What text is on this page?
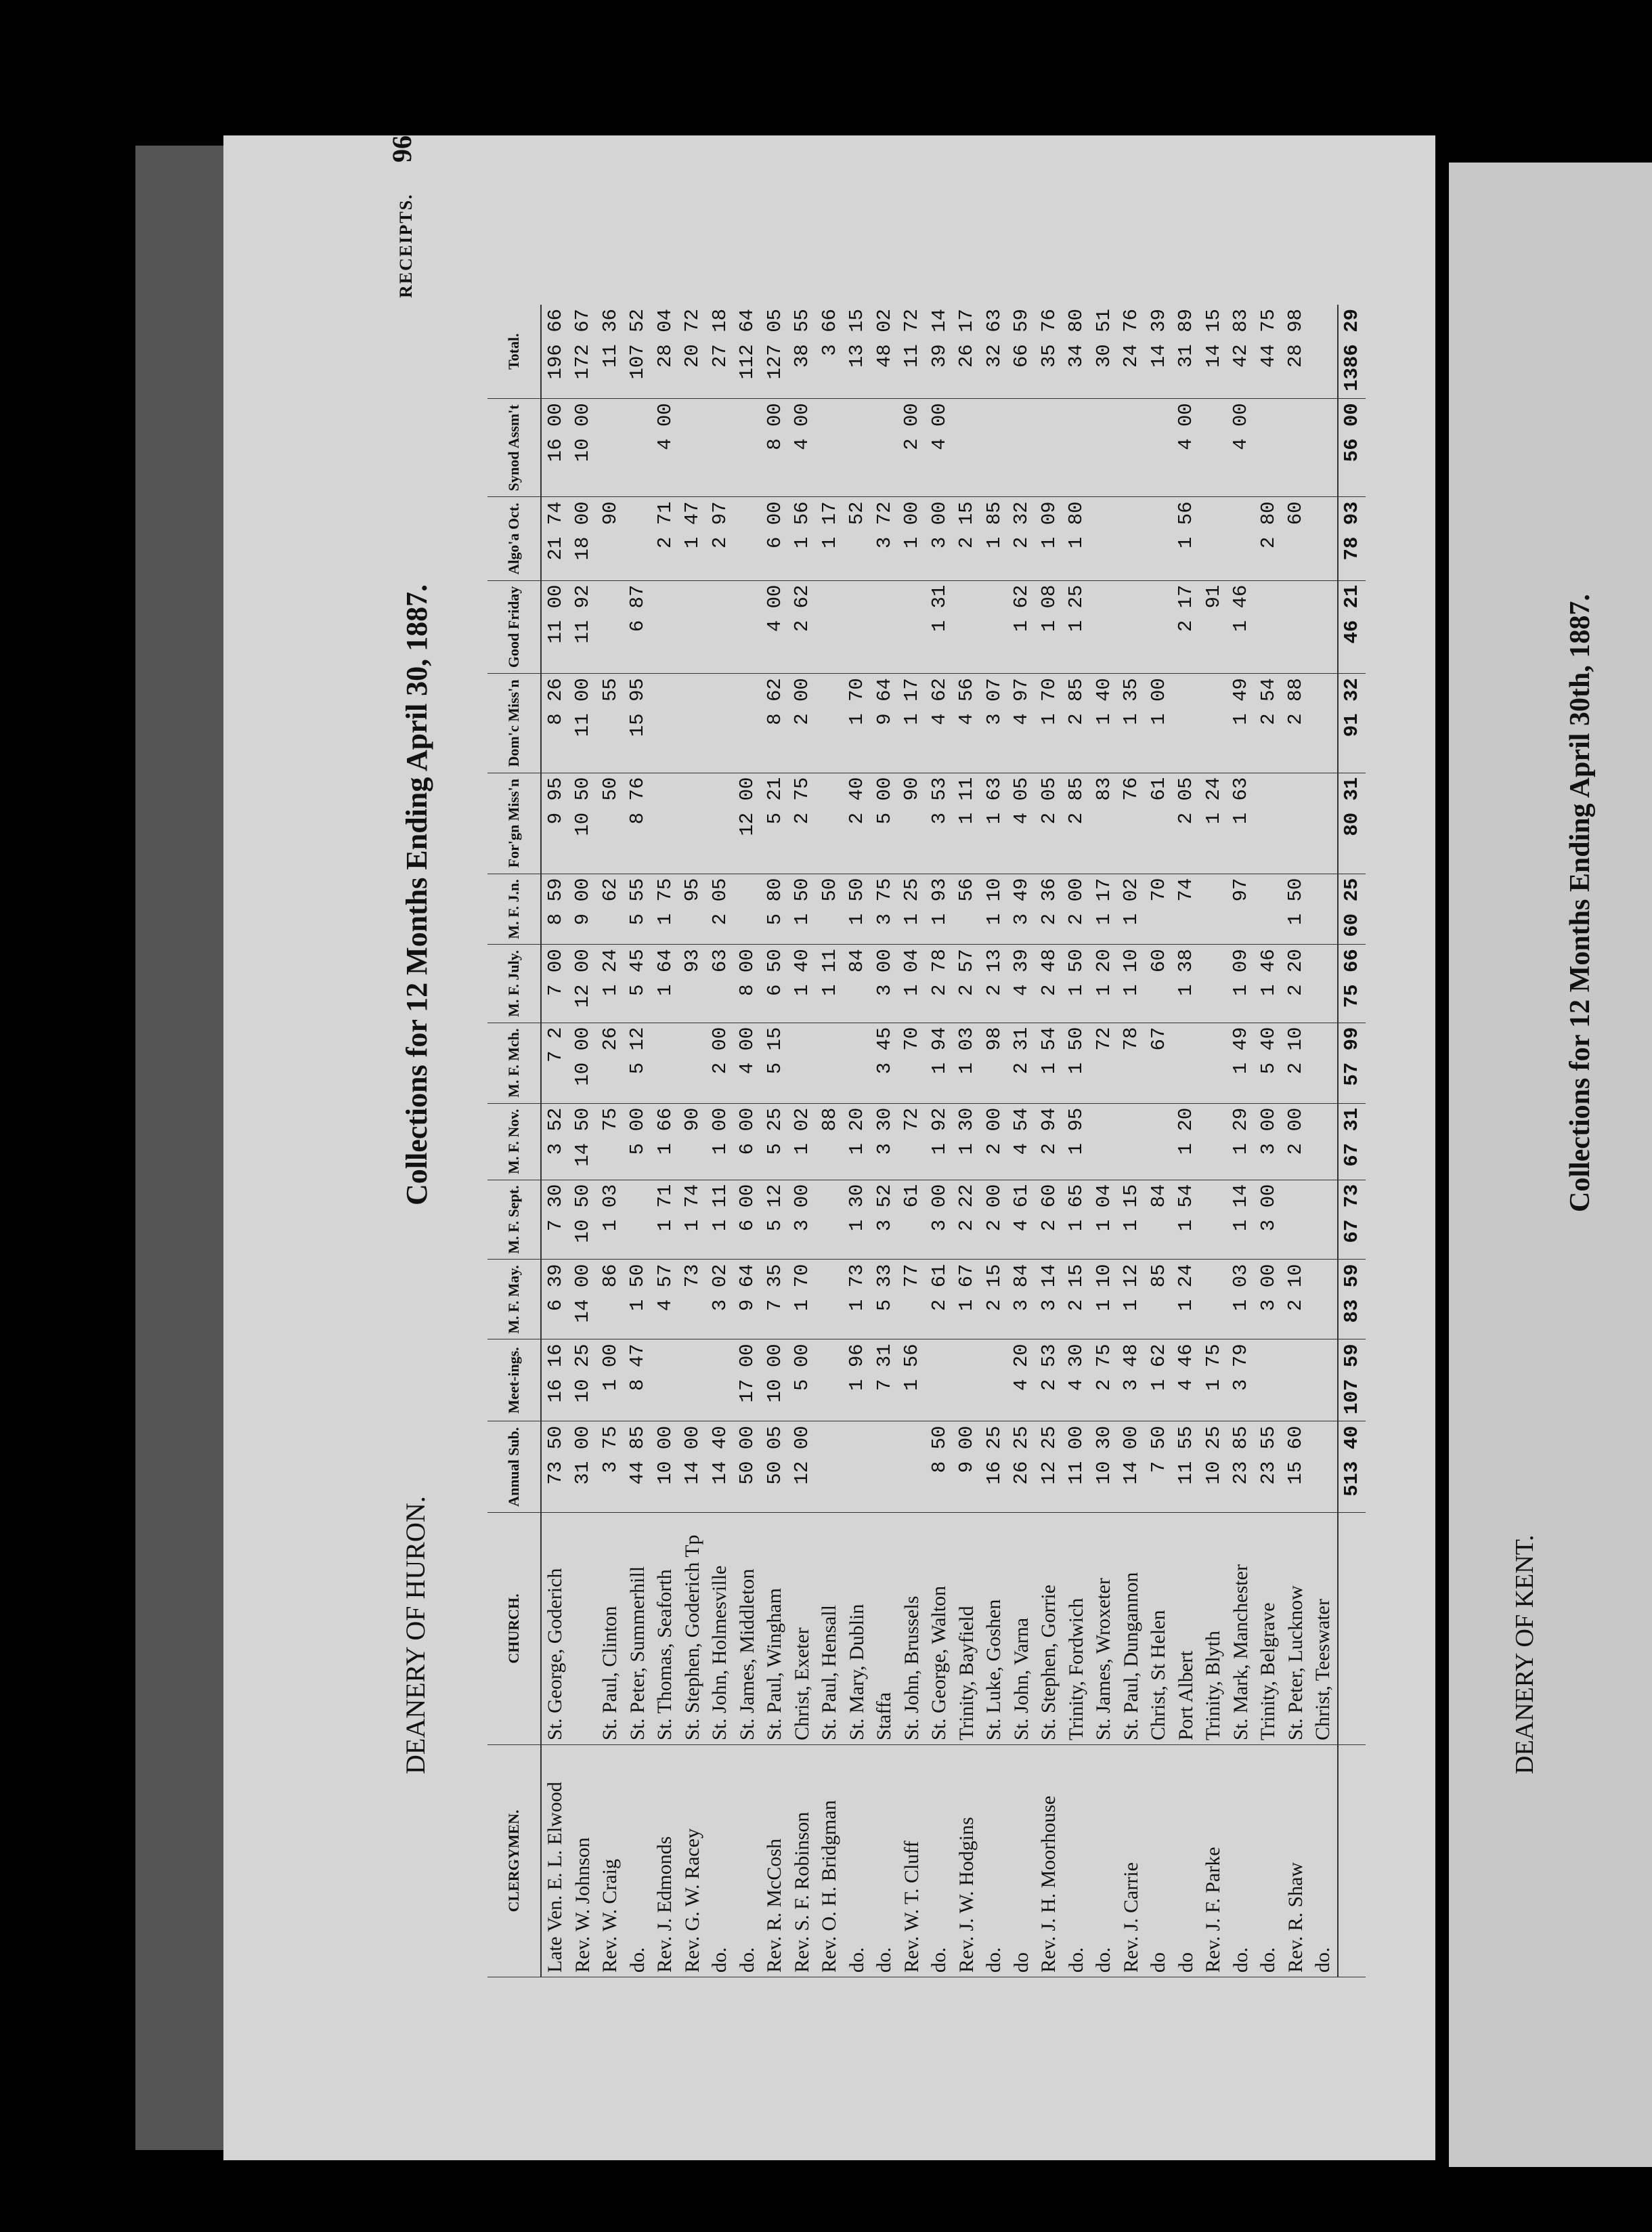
96
RECEIPTS.
DEANERY OF HURON.
Collections for 12 Months Ending April 30, 1887.
CLERGYMEN.	CHURCH.	Annual Sub.	Meet-ings.	M. F. May.	M. F. Sept.	M. F. Nov.	M. F. Mch.	M. F. July.	M. F. J.n.	For'gn Miss'n	Dom'c Miss'n	Good Friday	Algo'a Oct.	Synod Assm't	Total.
Late Ven. E. L. Elwood	St. George, Goderich	73 50	16 16	6 39	7 30	3 52	7 2	7 00	8 59	9 95	8 26	11 00	21 74	16 00	196 66
Rev. W. Johnson		31 00	10 25	14 00	10 50	14 50	10 00	12 00	9 00	10 50	11 00	11 92	18 00	10 00	172 67
Rev. W. Craig	St. Paul, Clinton	3 75	1 00	86	1 03	75	26	1 24	62	50	55		90		11 36
do.	St. Peter, Summerhill	44 85	8 47	1 50		5 00	5 12	5 45	5 55	8 76	15 95	6 87			107 52
Rev. J. Edmonds	St. Thomas, Seaforth	10 00		4 57	1 71	1 66		1 64	1 75				2 71	4 00	28 04
Rev. G. W. Racey	St. Stephen, Goderich Tp	14 00		73	1 74	90		93	95				1 47		20 72
do.	St. John, Holmesville	14 40		3 02	1 11	1 00	2 00	63	2 05				2 97		27 18
do.	St. James, Middleton	50 00	17 00	9 64	6 00	6 00	4 00	8 00		12 00					112 64
Rev. R. McCosh	St. Paul, Wingham	50 05	10 00	7 35	5 12	5 25	5 15	6 50	5 80	5 21	8 62	4 00	6 00	8 00	127 05
Rev. S. F. Robinson	Christ, Exeter	12 00	5 00	1 70	3 00	1 02		1 40	1 50	2 75	2 00	2 62	1 56	4 00	38 55
Rev. O. H. Bridgman	St. Paul, Hensall					88		1 11	50				1 17		3 66
do.	St. Mary, Dublin		1 96	1 73	1 30	1 20		84	1 50	2 40	1 70		52		13 15
do.	Staffa		7 31	5 33	3 52	3 30	3 45	3 00	3 75	5 00	9 64		3 72		48 02
Rev. W. T. Cluff	St. John, Brussels		1 56	77	61	72	70	1 04	1 25	90	1 17		1 00	2 00	11 72
do.	St. George, Walton	8 50		2 61	3 00	1 92	1 94	2 78	1 93	3 53	4 62	1 31	3 00	4 00	39 14
Rev. J. W. Hodgins	Trinity, Bayfield	9 00		1 67	2 22	1 30	1 03	2 57	56	1 11	4 56		2 15		26 17
do.	St. Luke, Goshen	16 25		2 15	2 00	2 00	98	2 13	1 10	1 63	3 07		1 85		32 63
do	St. John, Varna	26 25	4 20	3 84	4 61	4 54	2 31	4 39	3 49	4 05	4 97	1 62	2 32		66 59
Rev. J. H. Moorhouse	St. Stephen, Gorrie	12 25	2 53	3 14	2 60	2 94	1 54	2 48	2 36	2 05	1 70	1 08	1 09		35 76
do.	Trinity, Fordwich	11 00	4 30	2 15	1 65	1 95	1 50	1 50	2 00	2 85	2 85	1 25	1 80		34 80
do.	St. James, Wroxeter	10 30	2 75	1 10	1 04		72	1 20	1 17	83	1 40				30 51
Rev. J. Carrie	St. Paul, Dungannon	14 00	3 48	1 12	1 15		78	1 10	1 02	76	1 35				24 76
do	Christ, St Helen	7 50	1 62	85	84		67	60	70	61	1 00				14 39
do	Port Albert	11 55	4 46	1 24	1 54	1 20		1 38	74	2 05		2 17	1 56	4 00	31 89
Rev. J. F. Parke	Trinity, Blyth	10 25	1 75							1 24		91			14 15
do.	St. Mark, Manchester	23 85	3 79	1 03	1 14	1 29	1 49	1 09	97	1 63	1 49	1 46		4 00	42 83
do.	Trinity, Belgrave	23 55		3 00	3 00	3 00	5 40	1 46			2 54		2 80		44 75
Rev. R. Shaw	St. Peter, Lucknow	15 60		2 10		2 00	2 10	2 20	1 50		2 88		60		28 98
do.	Christ, Teeswater														
		513 40	107 59	83 59	67 73	67 31	57 99	75 66	60 25	80 31	91 32	46 21	78 93	56 00	1386 29
DEANERY OF KENT.
Collections for 12 Months Ending April 30th, 1887.
